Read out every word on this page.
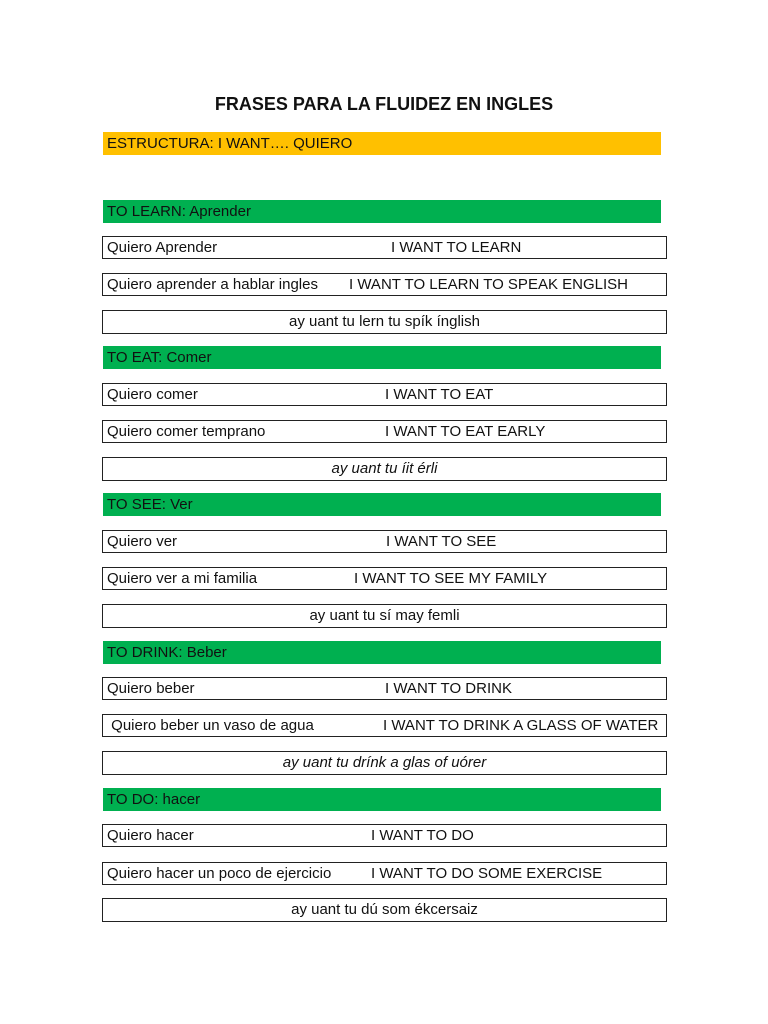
FRASES PARA LA FLUIDEZ EN INGLES
ESTRUCTURA: I WANT…. QUIERO
TO LEARN: Aprender
Quiero Aprender	I WANT TO LEARN
Quiero aprender a hablar ingles I WANT TO LEARN TO SPEAK ENGLISH
ay uant tu lern tu spík ínglish
TO EAT: Comer
Quiero comer	I WANT TO EAT
Quiero comer temprano	I WANT TO EAT EARLY
ay uant tu íit érli
TO SEE: Ver
Quiero ver	I WANT TO SEE
Quiero ver a mi familia	I WANT TO SEE MY FAMILY
ay uant tu sí may femli
TO DRINK: Beber
Quiero beber	I WANT TO DRINK
Quiero beber un vaso de agua	I WANT TO DRINK A GLASS OF WATER
ay uant tu drínk a glas of uórer
TO DO: hacer
Quiero hacer	I WANT TO DO
Quiero hacer un poco de ejercicio	I WANT TO DO SOME EXERCISE
ay uant tu dú som ékcersaiz
